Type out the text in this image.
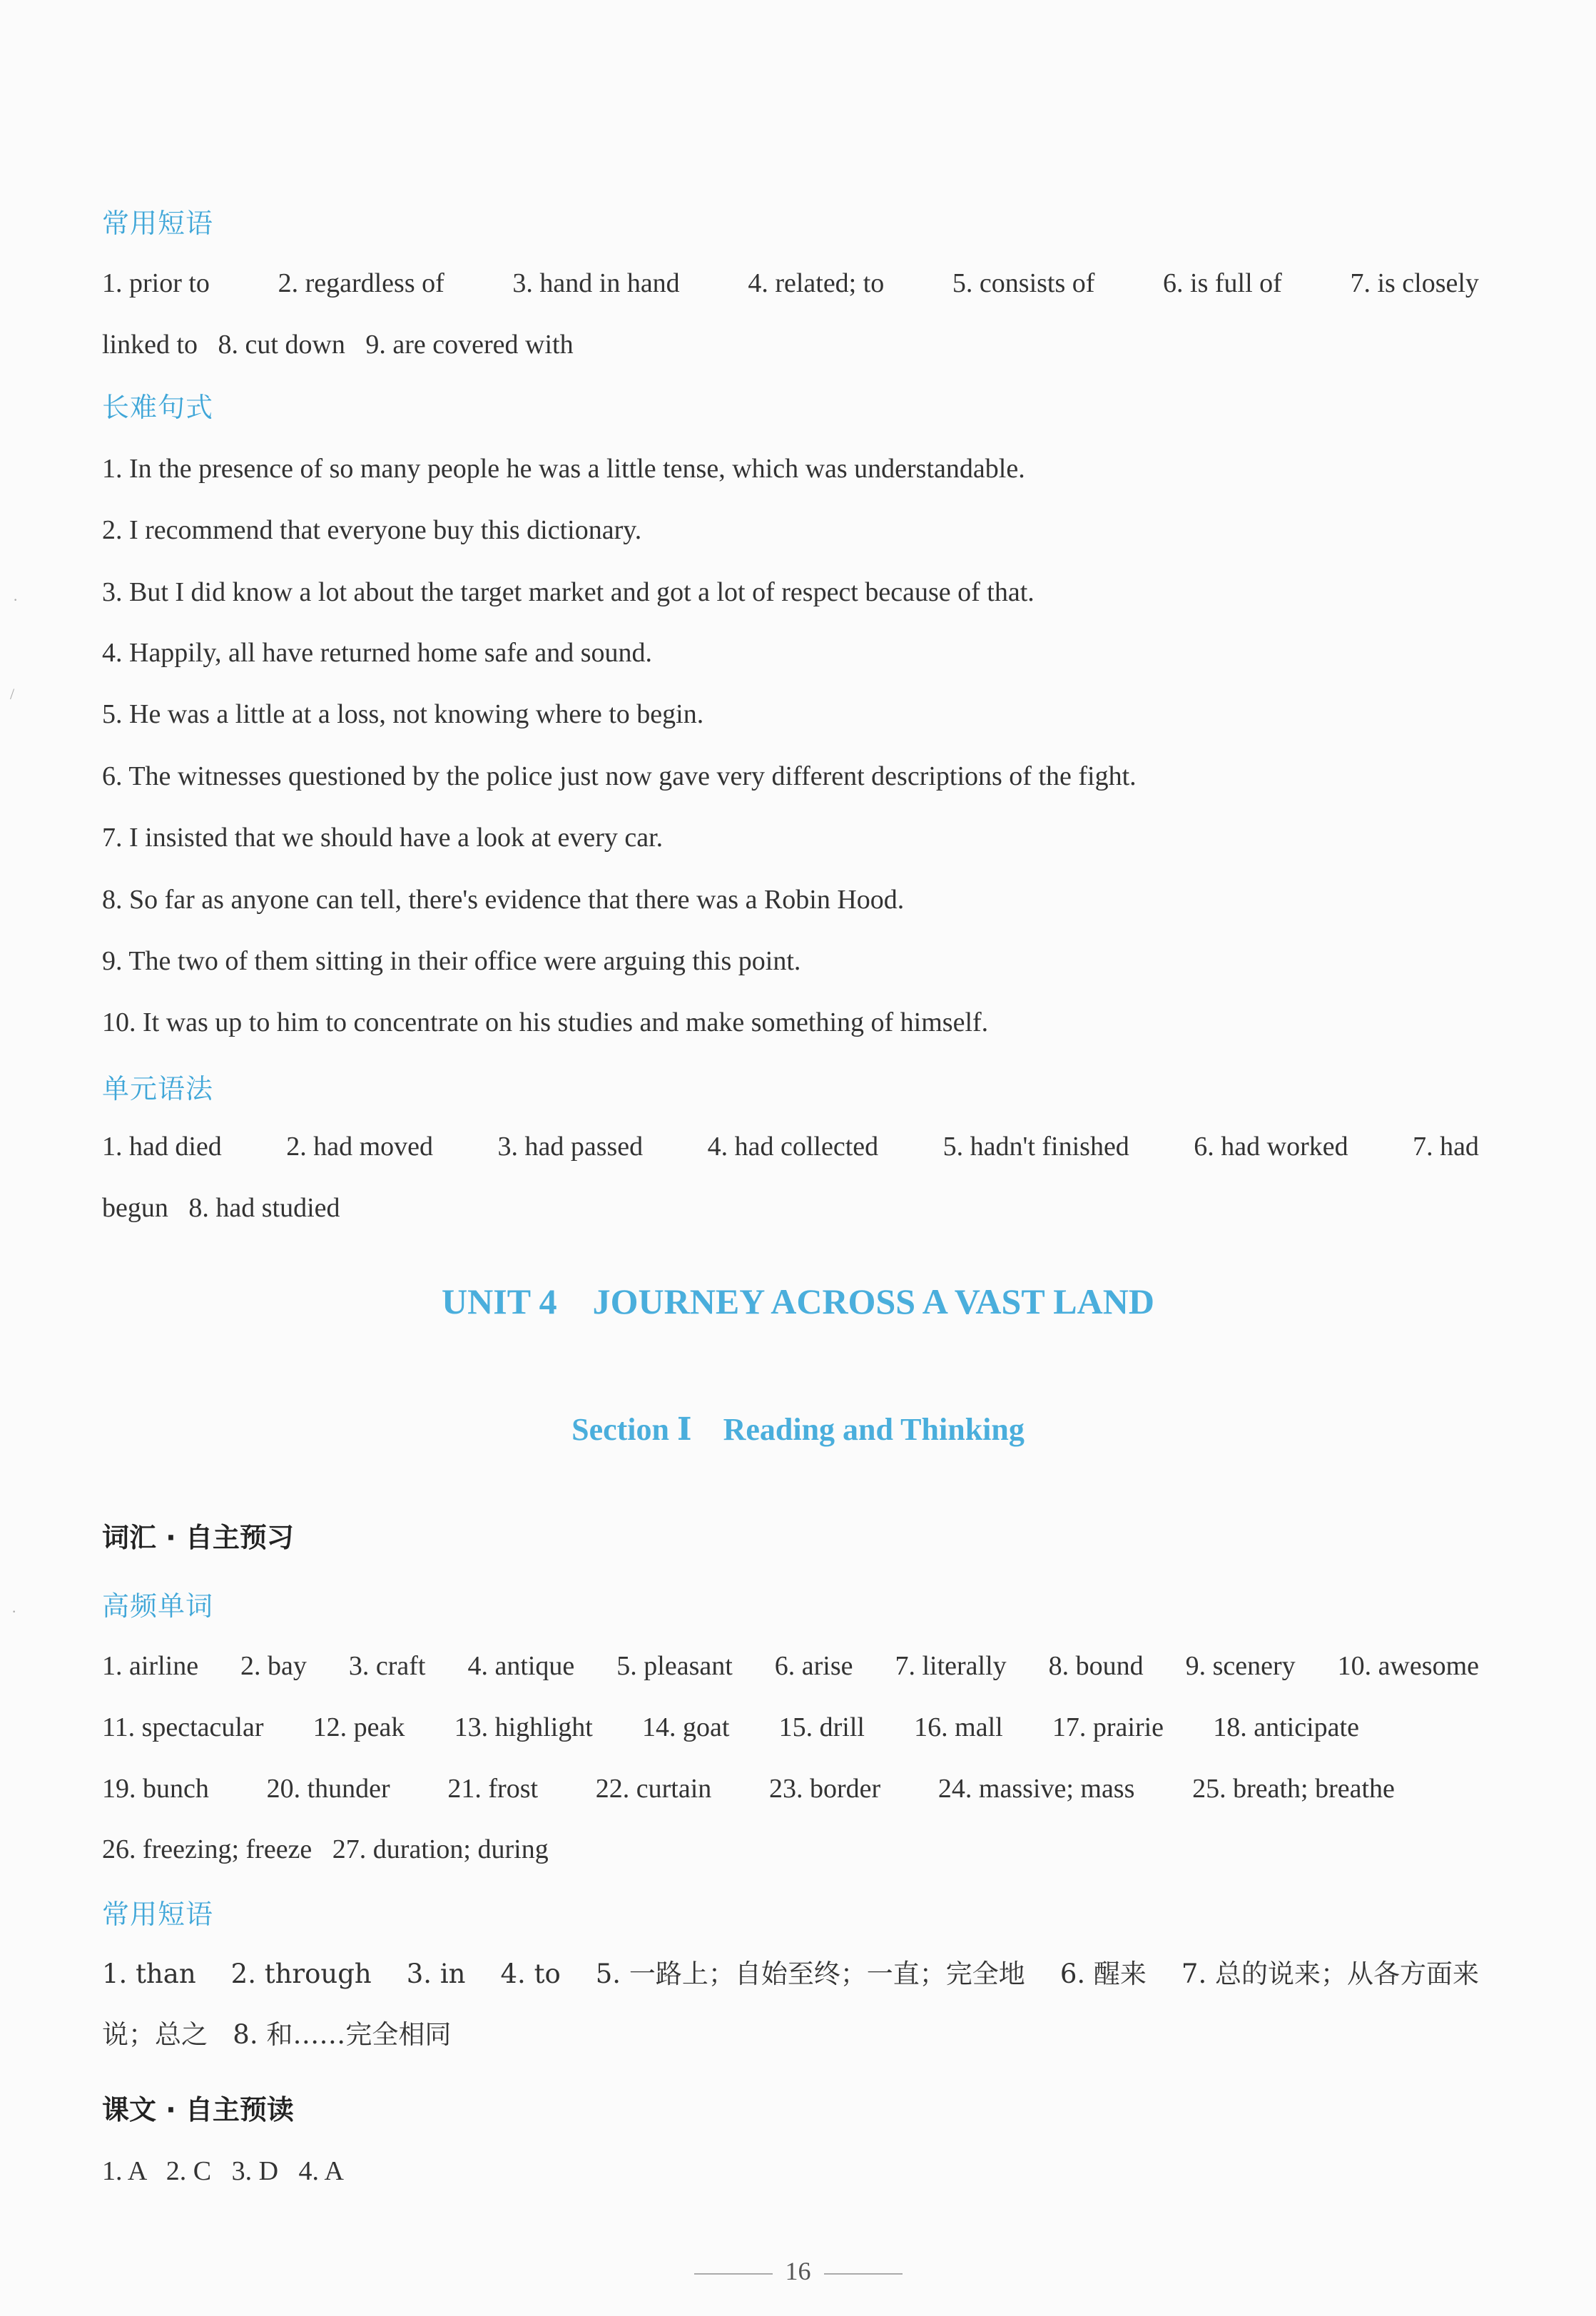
常用短语
1. prior to	2. regardless of	3. hand in hand	4. related; to	5. consists of	6. is full of	7. is closely
linked to   8. cut down   9. are covered with
长难句式
1. In the presence of so many people he was a little tense, which was understandable.
2. I recommend that everyone buy this dictionary.
3. But I did know a lot about the target market and got a lot of respect because of that.
4. Happily, all have returned home safe and sound.
5. He was a little at a loss, not knowing where to begin.
6. The witnesses questioned by the police just now gave very different descriptions of the fight.
7. I insisted that we should have a look at every car.
8. So far as anyone can tell, there's evidence that there was a Robin Hood.
9. The two of them sitting in their office were arguing this point.
10. It was up to him to concentrate on his studies and make something of himself.
单元语法
1. had died 2. had moved 3. had passed 4. had collected 5. hadn't finished 6. had worked 7. had
begun   8. had studied
UNIT 4    JOURNEY ACROSS A VAST LAND
Section Ⅰ    Reading and Thinking
词汇 · 自主预习
高频单词
1. airline 2. bay 3. craft 4. antique 5. pleasant 6. arise 7. literally 8. bound 9. scenery 10. awesome
11. spectacular 12. peak 13. highlight 14. goat 15. drill 16. mall 17. prairie 18. anticipate
19. bunch 20. thunder 21. frost 22. curtain 23. border 24. massive; mass 25. breath; breathe
26. freezing; freeze   27. duration; during
常用短语
1. than 2. through 3. in 4. to 5. 一路上；自始至终；一直；完全地 6. 醒来 7. 总的说来；从各方面来
说；总之   8. 和……完全相同
课文 · 自主预读
1. A   2. C   3. D   4. A
·
/
·
16
